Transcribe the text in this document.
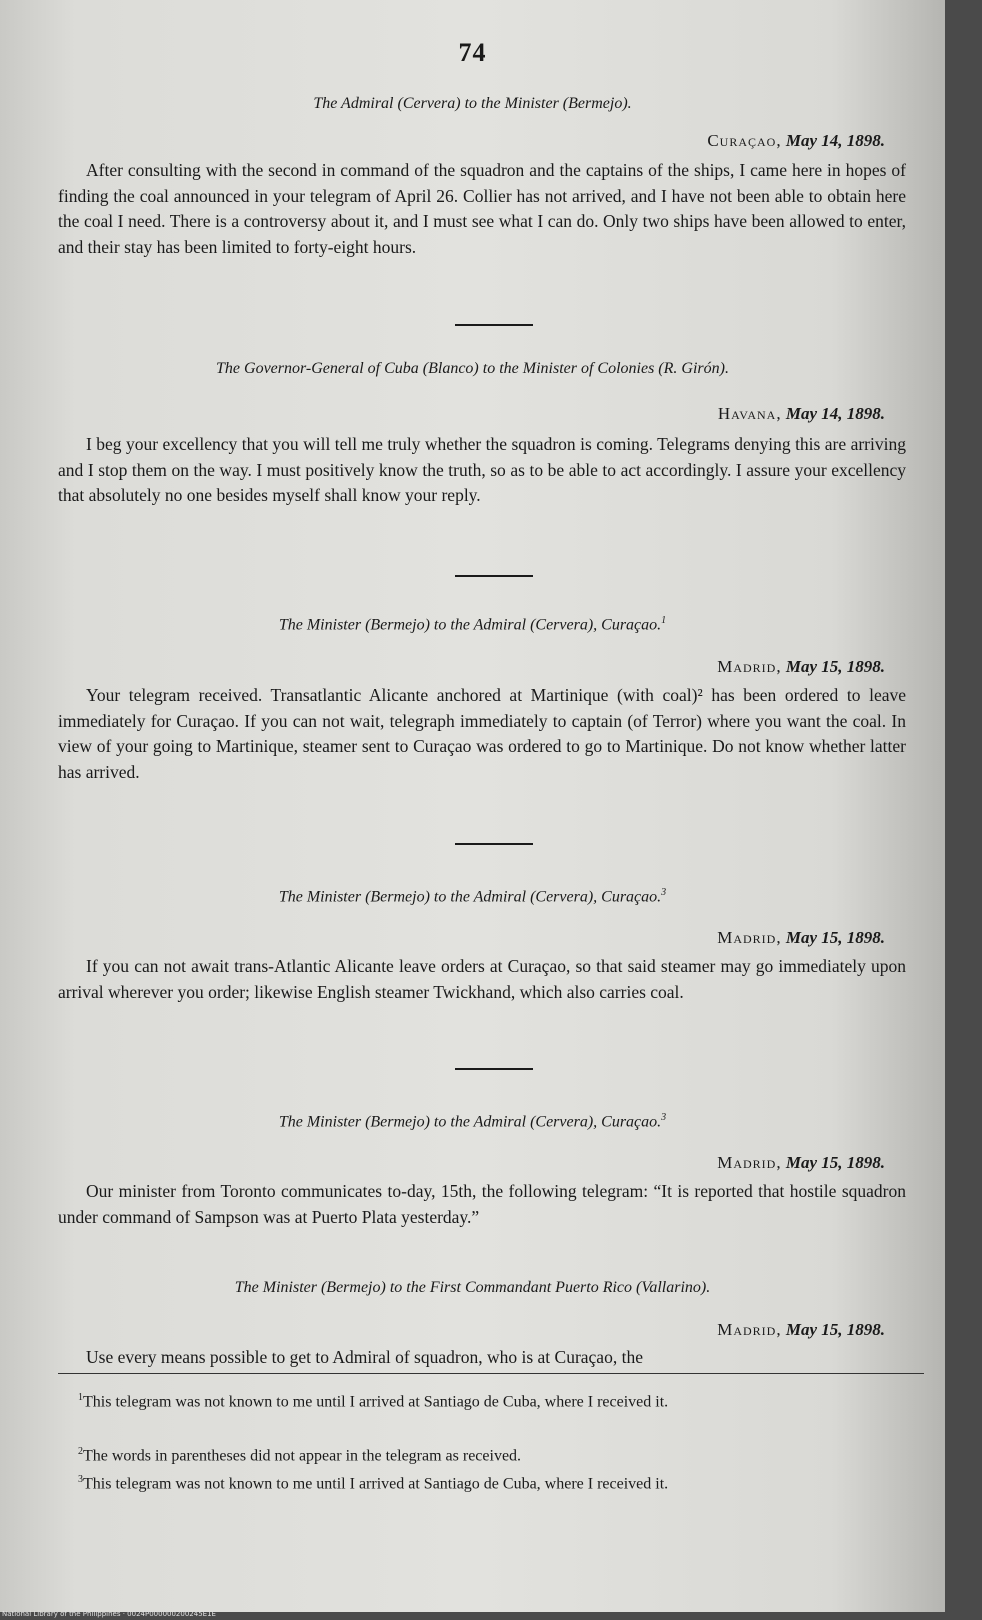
74
The Admiral (Cervera) to the Minister (Bermejo).
Curaçao, May 14, 1898.

After consulting with the second in command of the squadron and the captains of the ships, I came here in hopes of finding the coal announced in your telegram of April 26. Collier has not arrived, and I have not been able to obtain here the coal I need. There is a controversy about it, and I must see what I can do. Only two ships have been allowed to enter, and their stay has been limited to forty-eight hours.

The Governor-General of Cuba (Blanco) to the Minister of Colonies (R. Girón).
Havana, May 14, 1898.

I beg your excellency that you will tell me truly whether the squadron is coming. Telegrams denying this are arriving and I stop them on the way. I must positively know the truth, so as to be able to act accordingly. I assure your excellency that absolutely no one besides myself shall know your reply.

The Minister (Bermejo) to the Admiral (Cervera), Curaçao.$^1$
Madrid, May 15, 1898.

Your telegram received. Transatlantic Alicante anchored at Martinique (with coal)² has been ordered to leave immediately for Curaçao. If you can not wait, telegraph immediately to captain (of Terror) where you want the coal. In view of your going to Martinique, steamer sent to Curaçao was ordered to go to Martinique. Do not know whether latter has arrived.

The Minister (Bermejo) to the Admiral (Cervera), Curaçao.$^3$
Madrid, May 15, 1898.

If you can not await trans-Atlantic Alicante leave orders at Curaçao, so that said steamer may go immediately upon arrival wherever you order; likewise English steamer Twickhand, which also carries coal.

The Minister (Bermejo) to the Admiral (Cervera), Curaçao.$^3$
Madrid, May 15, 1898.

Our minister from Toronto communicates to-day, 15th, the following telegram: “It is reported that hostile squadron under command of Sampson was at Puerto Plata yesterday.”

The Minister (Bermejo) to the First Commandant Puerto Rico (Vallarino).
Madrid, May 15, 1898.

Use every means possible to get to Admiral of squadron, who is at Curaçao, the

$^1$This telegram was not known to me until I arrived at Santiago de Cuba, where I received it.

$^2$The words in parentheses did not appear in the telegram as received.

$^3$This telegram was not known to me until I arrived at Santiago de Cuba, where I received it.

National Library of the Philippines · 0024P000000200245E1E
